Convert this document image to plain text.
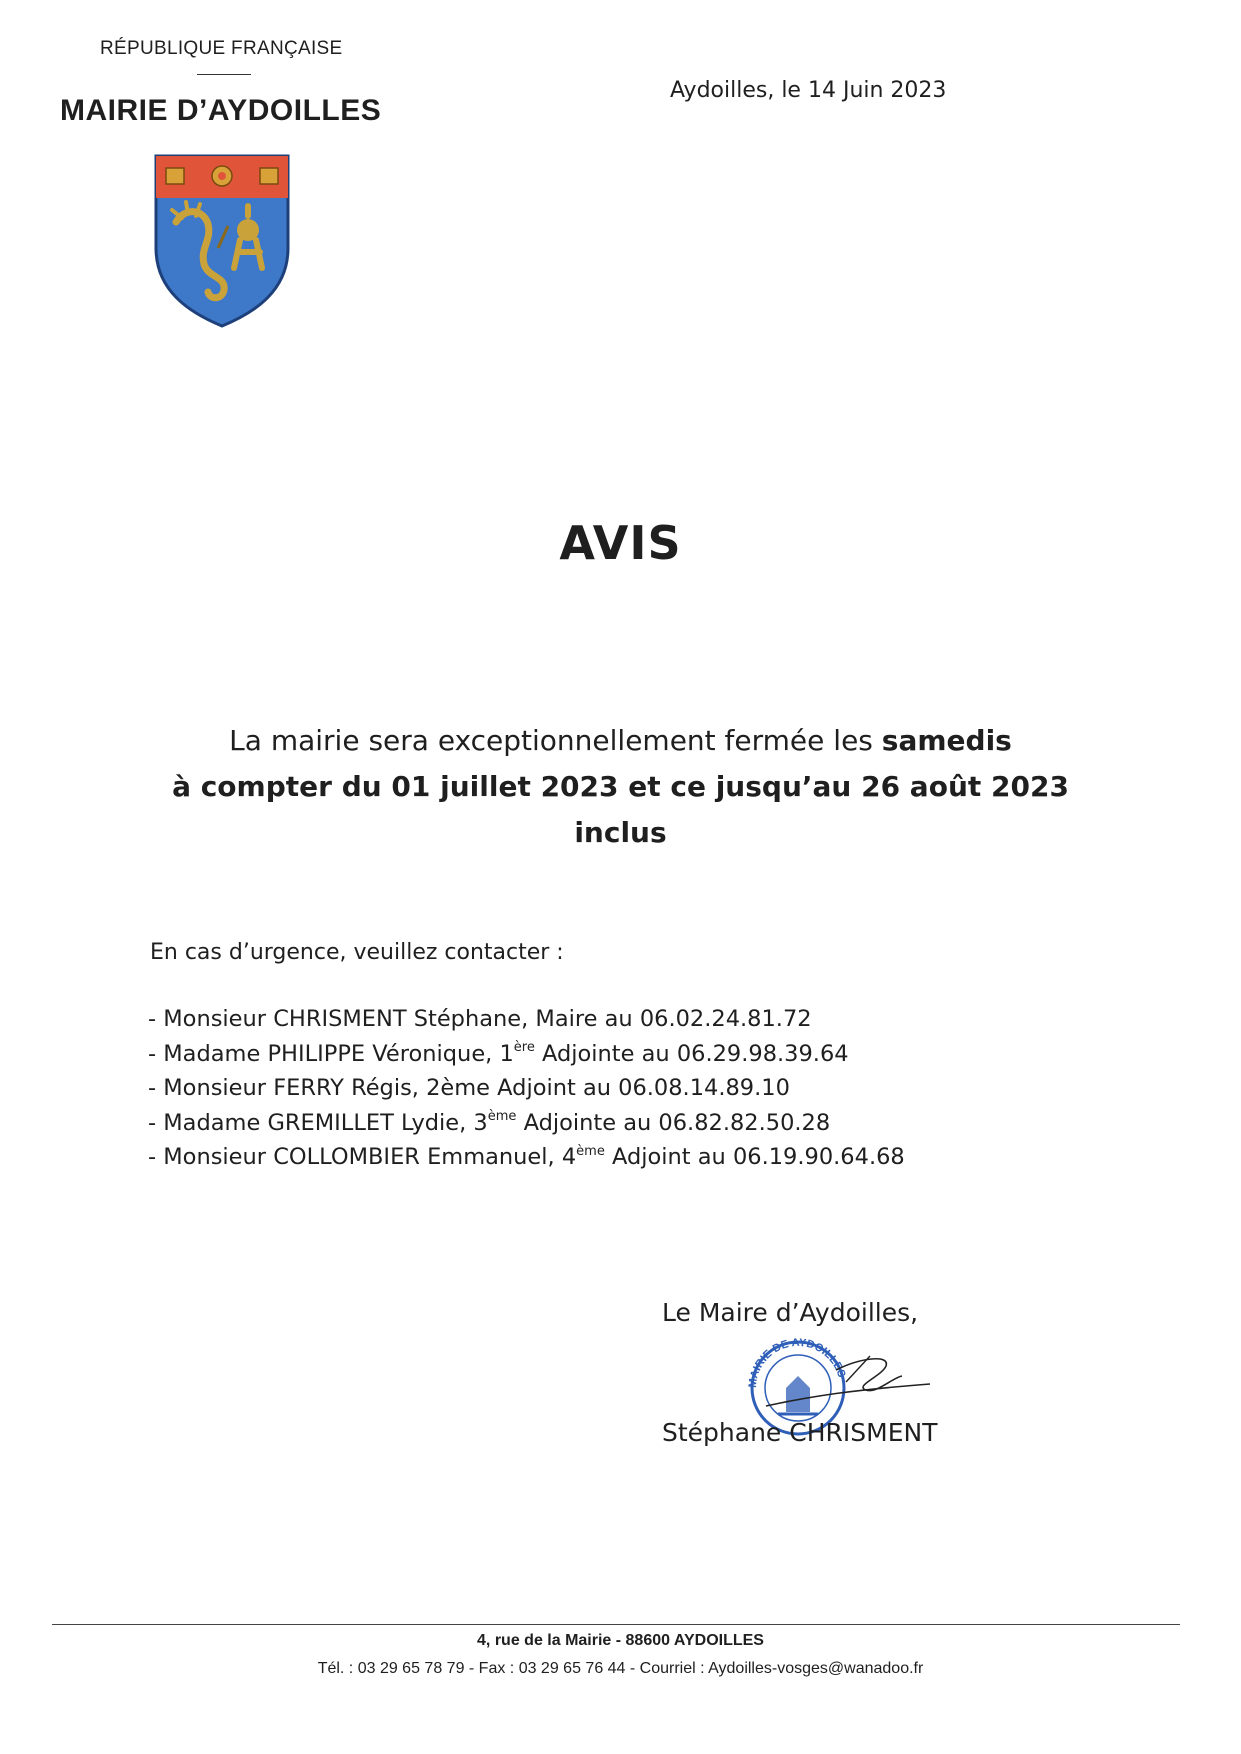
RÉPUBLIQUE FRANÇAISE
MAIRIE D’AYDOILLES
Aydoilles, le 14 Juin 2023
AVIS
La mairie sera exceptionnellement fermée les samedis
à compter du 01 juillet 2023 et ce jusqu’au 26 août 2023
inclus
En cas d’urgence, veuillez contacter :
- Monsieur CHRISMENT Stéphane, Maire au 06.02.24.81.72
- Madame PHILIPPE Véronique, 1ère Adjointe au 06.29.98.39.64
- Monsieur FERRY Régis, 2ème Adjoint au 06.08.14.89.10
- Madame GREMILLET Lydie, 3ème Adjointe au 06.82.82.50.28
- Monsieur COLLOMBIER Emmanuel, 4ème Adjoint au 06.19.90.64.68
Le Maire d’Aydoilles,
MAIRIE DE AYDOILLES
Stéphane CHRISMENT
4, rue de la Mairie - 88600 AYDOILLES
Tél. : 03 29 65 78 79 - Fax : 03 29 65 76 44 - Courriel : Aydoilles-vosges@wanadoo.fr
